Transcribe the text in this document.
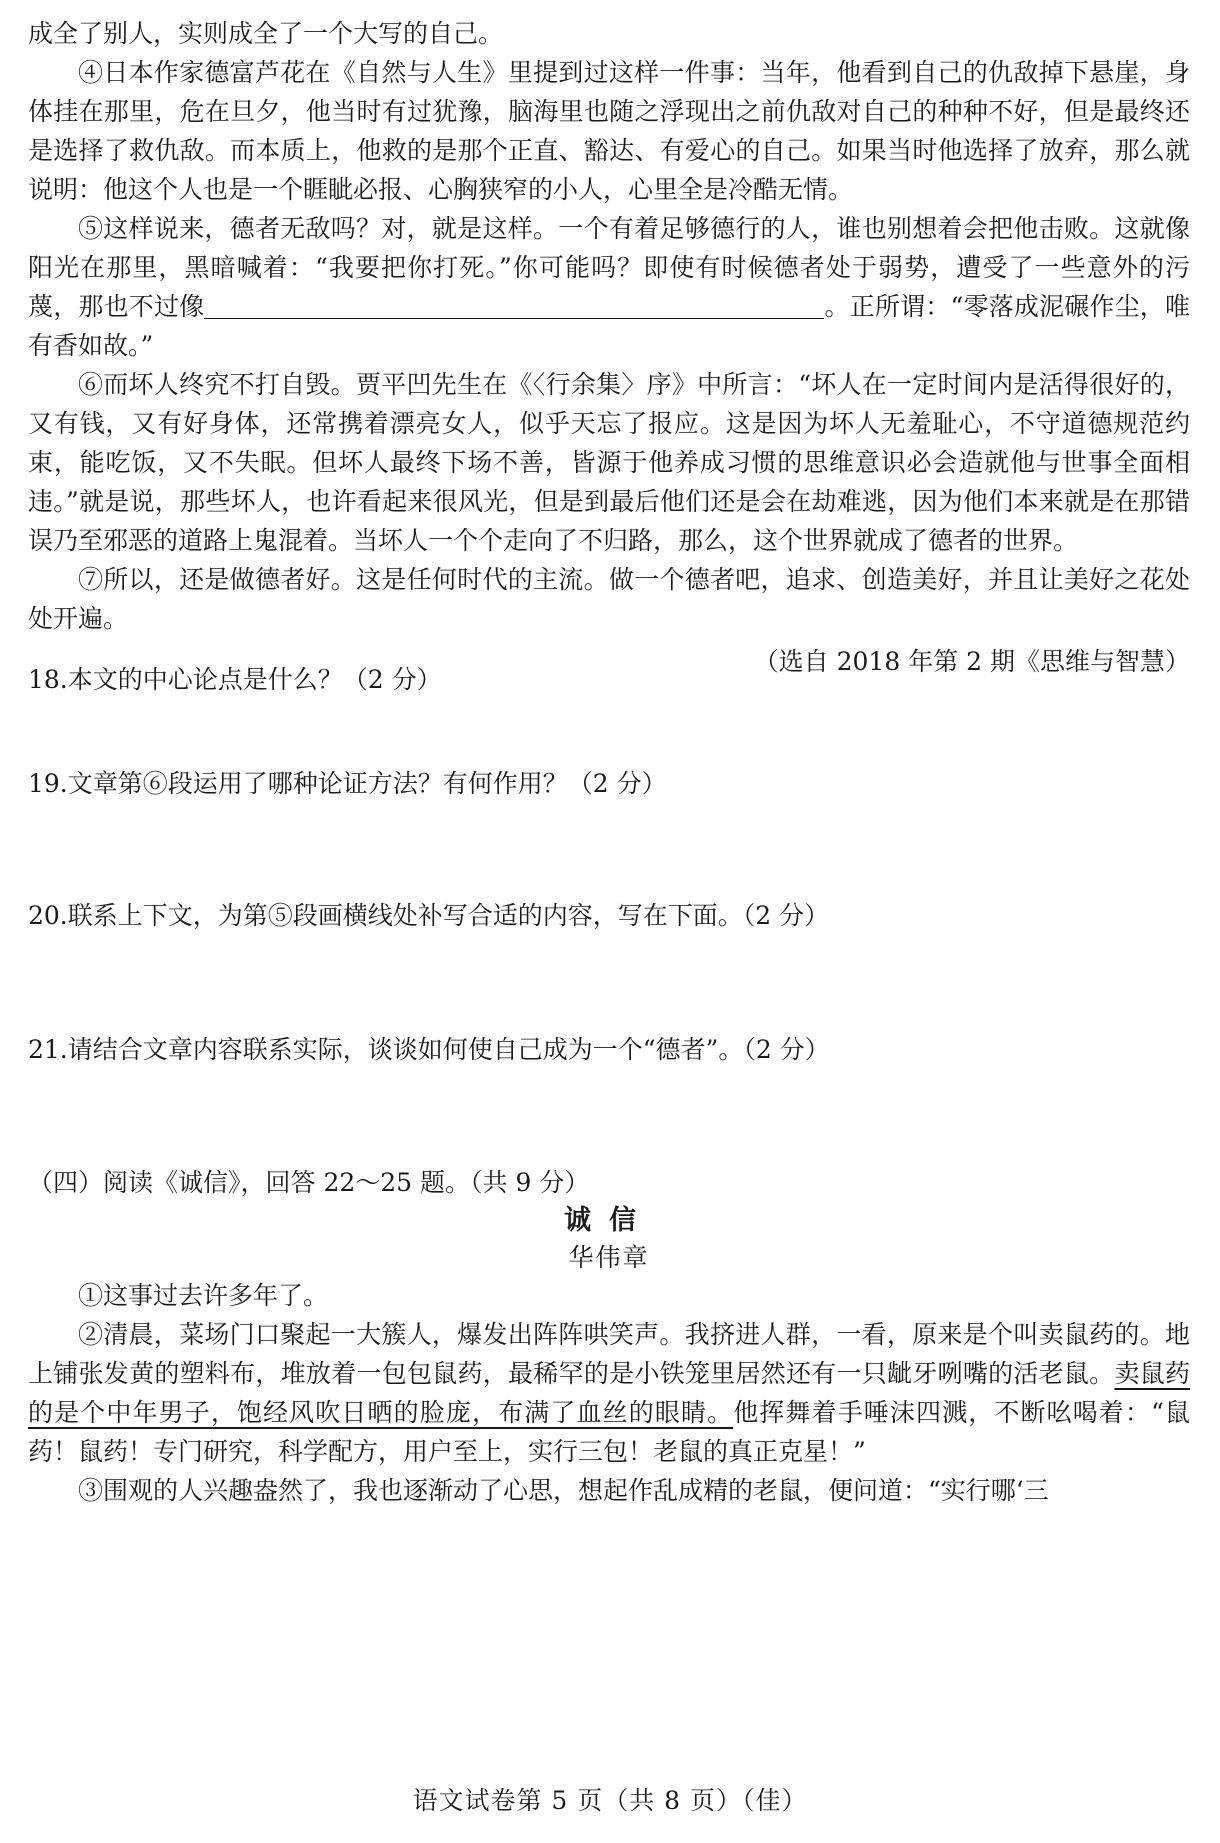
成全了别人，实则成全了一个大写的自己。

④日本作家德富芦花在《自然与人生》里提到过这样一件事：当年，他看到自己的仇敌掉下悬崖，身体挂在那里，危在旦夕，他当时有过犹豫，脑海里也随之浮现出之前仇敌对自己的种种不好，但是最终还是选择了救仇敌。而本质上，他救的是那个正直、豁达、有爱心的自己。如果当时他选择了放弃，那么就说明：他这个人也是一个睚眦必报、心胸狭窄的小人，心里全是冷酷无情。

⑤这样说来，德者无敌吗？对，就是这样。一个有着足够德行的人，谁也别想着会把他击败。这就像阳光在那里，黑暗喊着：“我要把你打死。”你可能吗？即使有时候德者处于弱势，遭受了一些意外的污蔑，那也不过像	。正所谓：“零落成泥碾作尘，唯有香如故。”

⑥而坏人终究不打自毁。贾平凹先生在《〈行余集〉序》中所言：“坏人在一定时间内是活得很好的，又有钱，又有好身体，还常携着漂亮女人，似乎天忘了报应。这是因为坏人无羞耻心，不守道德规范约束，能吃饭，又不失眠。但坏人最终下场不善，皆源于他养成习惯的思维意识必会造就他与世事全面相违。”就是说，那些坏人，也许看起来很风光，但是到最后他们还是会在劫难逃，因为他们本来就是在那错误乃至邪恶的道路上鬼混着。当坏人一个个走向了不归路，那么，这个世界就成了德者的世界。

⑦所以，还是做德者好。这是任何时代的主流。做一个德者吧，追求、创造美好，并且让美好之花处处开遍。

（选自 2018 年第 2 期《思维与智慧）

18.本文的中心论点是什么？（2 分）

19.文章第⑥段运用了哪种论证方法？有何作用？（2 分）

20.联系上下文，为第⑤段画横线处补写合适的内容，写在下面。（2 分）

21.请结合文章内容联系实际，谈谈如何使自己成为一个“德者”。（2 分）

（四）阅读《诚信》，回答 22～25 题。（共 9 分）

诚信

华伟章

①这事过去许多年了。

②清晨，菜场门口聚起一大簇人，爆发出阵阵哄笑声。我挤进人群，一看，原来是个叫卖鼠药的。地上铺张发黄的塑料布，堆放着一包包鼠药，最稀罕的是小铁笼里居然还有一只龇牙咧嘴的活老鼠。卖鼠药的是个中年男子，饱经风吹日晒的脸庞，布满了血丝的眼睛。他挥舞着手唾沫四溅，不断吆喝着：“鼠药！鼠药！专门研究，科学配方，用户至上，实行三包！老鼠的真正克星！”

③围观的人兴趣盎然了，我也逐渐动了心思，想起作乱成精的老鼠，便问道：“实行哪‘三

语文试卷第 5 页（共 8 页）（佳）
